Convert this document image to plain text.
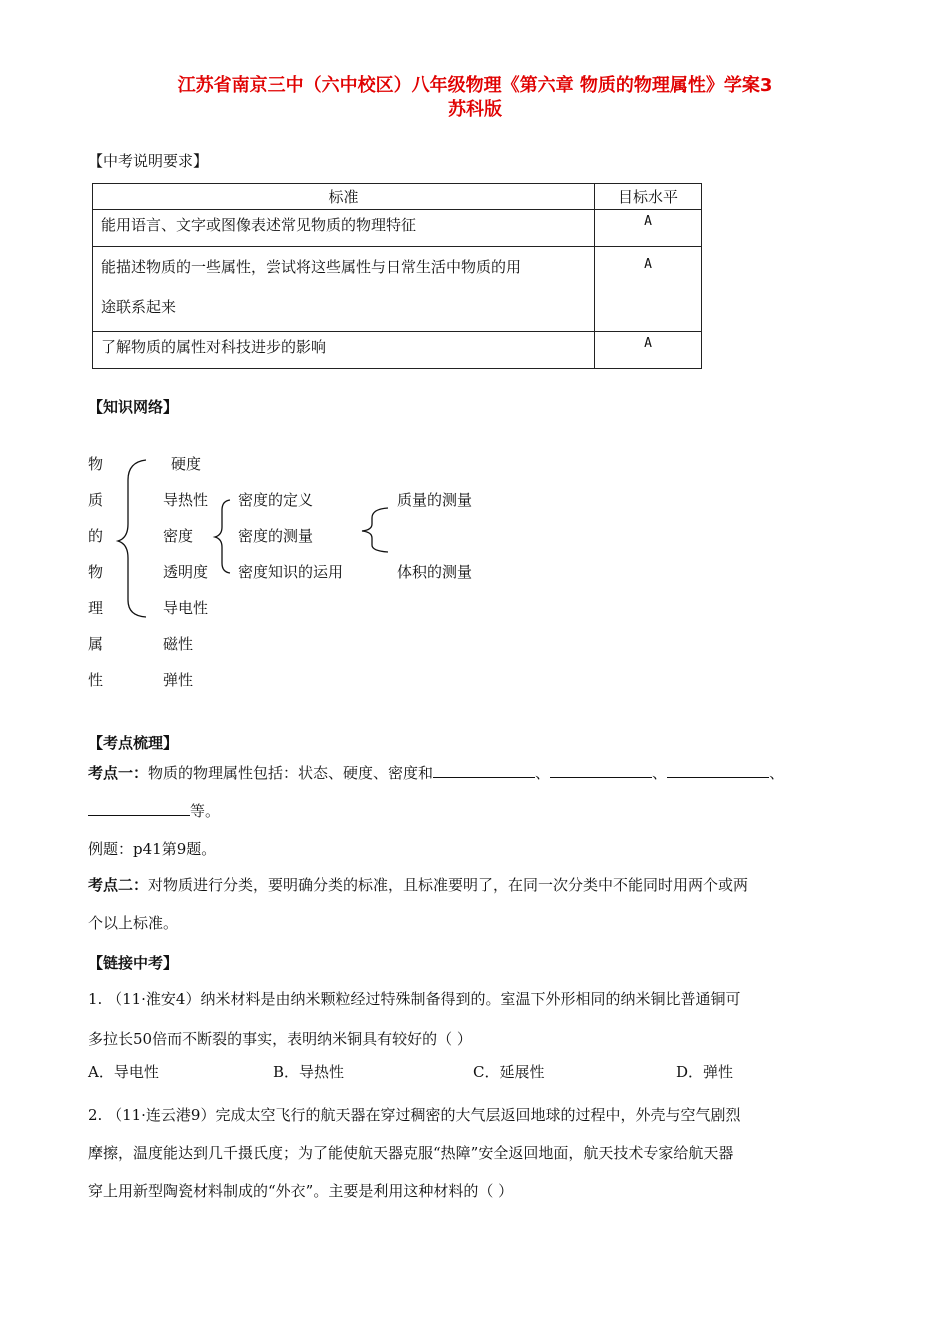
江苏省南京三中（六中校区）八年级物理《第六章 物质的物理属性》学案3
苏科版
【中考说明要求】
标准	目标水平
能用语言、文字或图像表述常见物质的物理特征	A

能描述物质的一些属性，尝试将这些属性与日常生活中物质的用
途联系起来	A
了解物质的属性对科技进步的影响	A
【知识网络】
物
质
的
物
理
属
性
硬度
导热性
密度
透明度
导电性
磁性
弹性
密度的定义
密度的测量
密度知识的运用
质量的测量
体积的测量
【考点梳理】
考点一：物质的物理属性包括：状态、硬度、密度和	、	、	、
等。
例题：p41第9题。
考点二：对物质进行分类，要明确分类的标准，且标准要明了，在同一次分类中不能同时用两个或两
个以上标准。
【链接中考】
1. （11·淮安4）纳米材料是由纳米颗粒经过特殊制备得到的。室温下外形相同的纳米铜比普通铜可
多拉长50倍而不断裂的事实，表明纳米铜具有较好的（ ）
A．导电性	B．导热性	C．延展性	D．弹性
2. （11·连云港9）完成太空飞行的航天器在穿过稠密的大气层返回地球的过程中，外壳与空气剧烈
摩擦，温度能达到几千摄氏度；为了能使航天器克服“热障”安全返回地面，航天技术专家给航天器
穿上用新型陶瓷材料制成的“外衣”。主要是利用这种材料的（ ）
